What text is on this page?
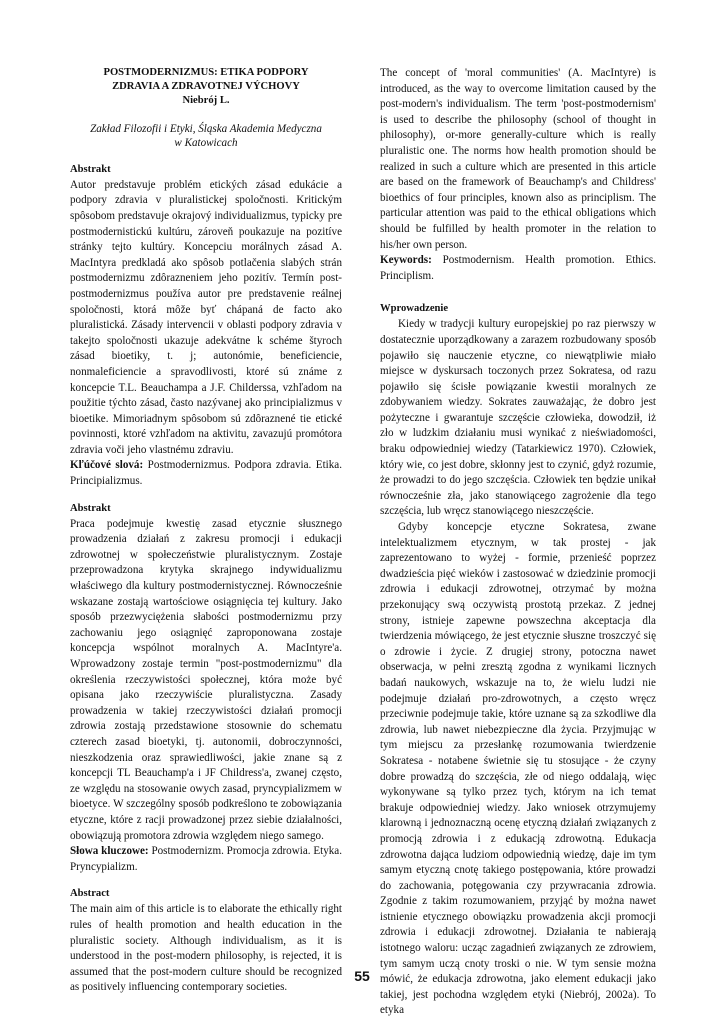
POSTMODERNIZMUS: ETIKA PODPORY
ZDRAVIA A ZDRAVOTNEJ VÝCHOVY
Niebrój L.
Zakład Filozofii i Etyki, Śląska Akademia Medyczna
w Katowicach
Abstrakt

Autor predstavuje problém etických zásad edukácie a podpory zdravia v pluralistickej spoločnosti. Kritickým spôsobom predstavuje okrajový individualizmus, typicky pre postmodernistickú kultúru, zároveň poukazuje na pozitíve stránky tejto kultúry. Koncepciu morálnych zásad A. MacIntyra predkladá ako spôsob potlačenia slabých strán postmodernizmu zdôrazneniem jeho pozitív. Termín post-postmodernizmus používa autor pre predstavenie reálnej spoločnosti, ktorá môže byť chápaná de facto ako pluralistická. Zásady intervencii v oblasti podpory zdravia v takejto spoločnosti ukazuje adekvátne k schéme štyroch zásad bioetiky, t. j; autonómie, beneficiencie, nonmaleficiencie a spravodlivosti, ktoré sú známe z koncepcie T.L. Beauchampa a J.F. Childerssa, vzhľadom na použitie týchto zásad, často nazývanej ako principializmus v bioetike. Mimoriadnym spôsobom sú zdôraznené tie etické povinnosti, ktoré vzhľadom na aktivitu, zavazujú promótora zdravia voči jeho vlastnému zdraviu.

Kľúčové slová: Postmodernizmus. Podpora zdravia. Etika. Principializmus.

Abstrakt

Praca podejmuje kwestię zasad etycznie słusznego prowadzenia działań z zakresu promocji i edukacji zdrowotnej w społeczeństwie pluralistycznym. Zostaje przeprowadzona krytyka skrajnego indywidualizmu właściwego dla kultury postmodernistycznej. Równocześnie wskazane zostają wartościowe osiągnięcia tej kultury. Jako sposób przezwyciężenia słabości postmodernizmu przy zachowaniu jego osiągnięć zaproponowana zostaje koncepcja wspólnot moralnych A. MacIntyre'a. Wprowadzony zostaje termin "post-postmodernizmu" dla określenia rzeczywistości społecznej, która może być opisana jako rzeczywiście pluralistyczna. Zasady prowadzenia w takiej rzeczywistości działań promocji zdrowia zostają przedstawione stosownie do schematu czterech zasad bioetyki, tj. autonomii, dobroczynności, nieszkodzenia oraz sprawiedliwości, jakie znane są z koncepcji TL Beauchamp'a i JF Childress'a, zwanej często, ze względu na stosowanie owych zasad, pryncypializmem w bioetyce. W szczególny sposób podkreślono te zobowiązania etyczne, które z racji prowadzonej przez siebie działalności, obowiązują promotora zdrowia względem niego samego.

Słowa kluczowe: Postmodernizm. Promocja zdrowia. Etyka. Pryncypializm.

Abstract

The main aim of this article is to elaborate the ethically right rules of health promotion and health education in the pluralistic society. Although individualism, as it is understood in the post-modern philosophy, is rejected, it is assumed that the post-modern culture should be recognized as positively influencing contemporary societies.

The concept of 'moral communities' (A. MacIntyre) is introduced, as the way to overcome limitation caused by the post-modern's individualism. The term 'post-postmodernism' is used to describe the philosophy (school of thought in philosophy), or-more generally-culture which is really pluralistic one. The norms how health promotion should be realized in such a culture which are presented in this article are based on the framework of Beauchamp's and Childress' bioethics of four principles, known also as principlism. The particular attention was paid to the ethical obligations which should be fulfilled by health promoter in the relation to his/her own person.

Keywords: Postmodernism. Health promotion. Ethics. Principlism.

Wprowadzenie

Kiedy w tradycji kultury europejskiej po raz pierwszy w dostatecznie uporządkowany a zarazem rozbudowany sposób pojawiło się nauczenie etyczne, co niewątpliwie miało miejsce w dyskursach toczonych przez Sokratesa, od razu pojawiło się ścisłe powiązanie kwestii moralnych ze zdobywaniem wiedzy. Sokrates zauważając, że dobro jest pożyteczne i gwarantuje szczęście człowieka, dowodził, iż zło w ludzkim działaniu musi wynikać z nieświadomości, braku odpowiedniej wiedzy (Tatarkiewicz 1970). Człowiek, który wie, co jest dobre, skłonny jest to czynić, gdyż rozumie, że prowadzi to do jego szczęścia. Człowiek ten będzie unikał równocześnie zła, jako stanowiącego zagrożenie dla tego szczęścia, lub wręcz stanowiącego nieszczęście.

Gdyby koncepcje etyczne Sokratesa, zwane intelektualizmem etycznym, w tak prostej - jak zaprezentowano to wyżej - formie, przenieść poprzez dwadzieścia pięć wieków i zastosować w dziedzinie promocji zdrowia i edukacji zdrowotnej, otrzymać by można przekonujący swą oczywistą prostotą przekaz. Z jednej strony, istnieje zapewne powszechna akceptacja dla twierdzenia mówiącego, że jest etycznie słuszne troszczyć się o zdrowie i życie. Z drugiej strony, potoczna nawet obserwacja, w pełni zresztą zgodna z wynikami licznych badań naukowych, wskazuje na to, że wielu ludzi nie podejmuje działań pro-zdrowotnych, a często wręcz przeciwnie podejmuje takie, które uznane są za szkodliwe dla zdrowia, lub nawet niebezpieczne dla życia. Przyjmując w tym miejscu za przesłankę rozumowania twierdzenie Sokratesa - notabene świetnie się tu stosujące - że czyny dobre prowadzą do szczęścia, złe od niego oddalają, więc wykonywane są tylko przez tych, którym na ich temat brakuje odpowiedniej wiedzy. Jako wniosek otrzymujemy klarowną i jednoznaczną ocenę etyczną działań związanych z promocją zdrowia i z edukacją zdrowotną. Edukacja zdrowotna dająca ludziom odpowiednią wiedzę, daje im tym samym etyczną cnotę takiego postępowania, które prowadzi do zachowania, potęgowania czy przywracania zdrowia. Zgodnie z takim rozumowaniem, przyjąć by można nawet istnienie etycznego obowiązku prowadzenia akcji promocji zdrowia i edukacji zdrowotnej. Działania te nabierają istotnego waloru: ucząc zagadnień związanych ze zdrowiem, tym samym uczą cnoty troski o nie. W tym sensie można mówić, że edukacja zdrowotna, jako element edukacji jako takiej, jest pochodna względem etyki (Niebrój, 2002a). To etyka

55
